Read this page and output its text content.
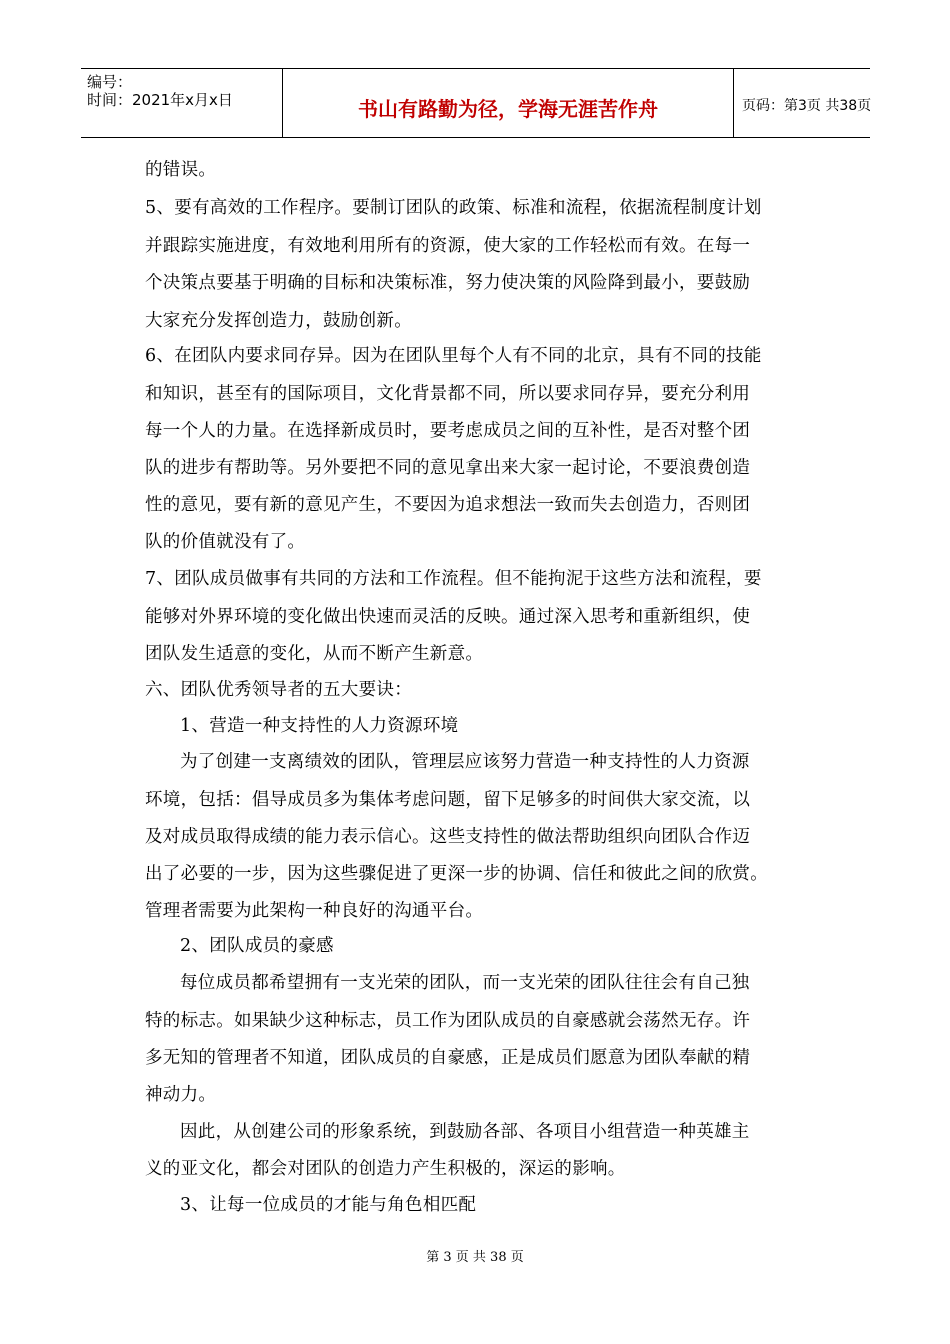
编号：
时间：2021年x月x日	书山有路勤为径，学海无涯苦作舟	页码：第3页 共38页
的错误。
5、要有高效的工作程序。要制订团队的政策、标准和流程，依据流程制度计划
并跟踪实施进度，有效地利用所有的资源，使大家的工作轻松而有效。在每一
个决策点要基于明确的目标和决策标准，努力使决策的风险降到最小，要鼓励
大家充分发挥创造力，鼓励创新。
6、在团队内要求同存异。因为在团队里每个人有不同的北京，具有不同的技能
和知识，甚至有的国际项目，文化背景都不同，所以要求同存异，要充分利用
每一个人的力量。在选择新成员时，要考虑成员之间的互补性，是否对整个团
队的进步有帮助等。另外要把不同的意见拿出来大家一起讨论，不要浪费创造
性的意见，要有新的意见产生，不要因为追求想法一致而失去创造力，否则团
队的价值就没有了。
7、团队成员做事有共同的方法和工作流程。但不能拘泥于这些方法和流程，要
能够对外界环境的变化做出快速而灵活的反映。通过深入思考和重新组织，使
团队发生适意的变化，从而不断产生新意。
六、团队优秀领导者的五大要诀：
1、营造一种支持性的人力资源环境
为了创建一支离绩效的团队，管理层应该努力营造一种支持性的人力资源
环境，包括：倡导成员多为集体考虑问题，留下足够多的时间供大家交流，以
及对成员取得成绩的能力表示信心。这些支持性的做法帮助组织向团队合作迈
出了必要的一步，因为这些骤促进了更深一步的协调、信任和彼此之间的欣赏。
管理者需要为此架构一种良好的沟通平台。
2、团队成员的豪感
每位成员都希望拥有一支光荣的团队，而一支光荣的团队往往会有自己独
特的标志。如果缺少这种标志，员工作为团队成员的自豪感就会荡然无存。许
多无知的管理者不知道，团队成员的自豪感，正是成员们愿意为团队奉献的精
神动力。
因此，从创建公司的形象系统，到鼓励各部、各项目小组营造一种英雄主
义的亚文化，都会对团队的创造力产生积极的，深运的影响。
3、让每一位成员的才能与角色相匹配
第 3 页 共 38 页
